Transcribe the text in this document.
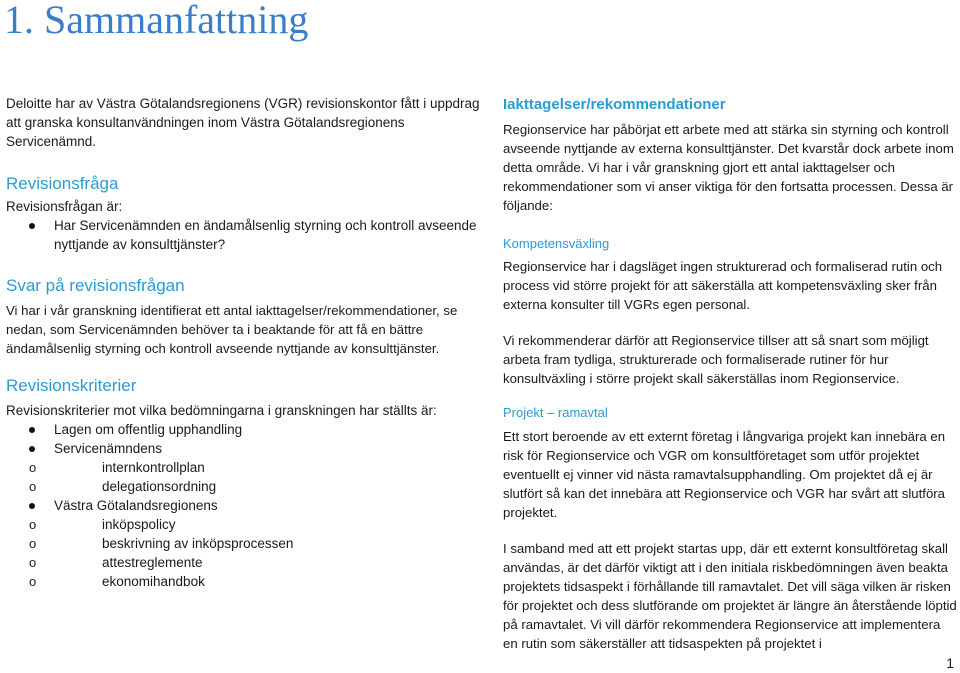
1. Sammanfattning

Deloitte har av Västra Götalandsregionens (VGR) revisionskontor fått i uppdrag att granska konsultanvändningen inom Västra Götalandsregionens Servicenämnd.

Revisionsfråga

Revisionsfrågan är:

Har Servicenämnden en ändamålsenlig styrning och kontroll avseende nyttjande av konsulttjänster?
Svar på revisionsfrågan

Vi har i vår granskning identifierat ett antal iakttagelser/rekommendationer, se nedan, som Servicenämnden behöver ta i beaktande för att få en bättre ändamålsenlig styrning och kontroll avseende nyttjande av konsulttjänster.

Revisionskriterier

Revisionskriterier mot vilka bedömningarna i granskningen har ställts är:

Lagen om offentlig upphandling
Servicenämndens
o internkontrollplan
o delegationsordning
Västra Götalandsregionens
o inköpspolicy
o beskrivning av inköpsprocessen
o attestreglemente
o ekonomihandbok
Iakttagelser/rekommendationer

Regionservice har påbörjat ett arbete med att stärka sin styrning och kontroll avseende nyttjande av externa konsulttjänster. Det kvarstår dock arbete inom detta område. Vi har i vår granskning gjort ett antal iakttagelser och rekommendationer som vi anser viktiga för den fortsatta processen. Dessa är följande:

Kompetensväxling

Regionservice har i dagsläget ingen strukturerad och formaliserad rutin och process vid större projekt för att säkerställa att kompetensväxling sker från externa konsulter till VGRs egen personal.

Vi rekommenderar därför att Regionservice tillser att så snart som möjligt arbeta fram tydliga, strukturerade och formaliserade rutiner för hur konsultväxling i större projekt skall säkerställas inom Regionservice.

Projekt – ramavtal

Ett stort beroende av ett externt företag i långvariga projekt kan innebära en risk för Regionservice och VGR om konsultföretaget som utför projektet eventuellt ej vinner vid nästa ramavtalsupphandling. Om projektet då ej är slutfört så kan det innebära att Regionservice och VGR har svårt att slutföra projektet.

I samband med att ett projekt startas upp, där ett externt konsultföretag skall användas, är det därför viktigt att i den initiala riskbedömningen även beakta projektets tidsaspekt i förhållande till ramavtalet. Det vill säga vilken är risken för projektet och dess slutförande om projektet är längre än återstående löptid på ramavtalet. Vi vill därför rekommendera Regionservice att implementera en rutin som säkerställer att tidsaspekten på projektet i

1
